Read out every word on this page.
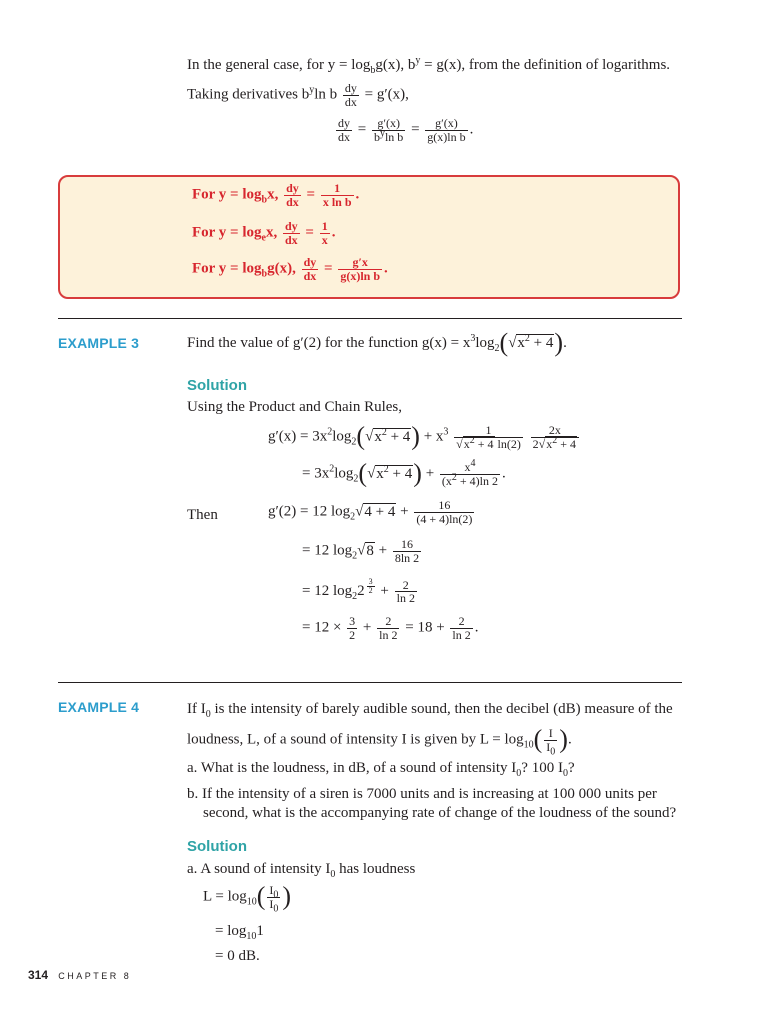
In the general case, for $y = \log_bg(x)$, $b^y = g(x)$, from the definition of logarithms.
Taking derivatives $b^y\ln$ b $\frac{dy}{dx} = g'(x)$,
$\frac{dy}{dx} = \frac{g'(x)}{b^y\ln b} = \frac{g'(x)}{\text{g(x)ln b}}$ .
For $y = \log_bx$, $\frac{dy}{dx} = \frac{1}{\text{x ln b}}$ .
For $y = \log_ex$, $\frac{dy}{dx} = \frac{1}{x}$ .
For $y = \log_bg(x)$, $\frac{dy}{dx} = \frac{g'x}{\text{g(x)ln b}}$ .
EXAMPLE 3	Find the value of g′(2) for the function $g(x) = x^3\log_2(√x^2 + 4)$.
Solution
Using the Product and Chain Rules,
$g'(x) = 3x^2\log_2(√x^2 + 4) + x^3 \frac{1}{√x^2 + 4 \ln(2)}$
$\frac{2x}{2√x^2 + 4}$
= $3x^2\log_2(√x^2 + 4) + \frac{x^4}{(x^2 + 4)\ln 2}$ .
Then	g′(2) = 12 $\log_2√4 + 4 + \frac{16}{(4 + 4)\ln(2)}$
= 12 $\log_2√8 + \frac{16}{8\ln 2}$
= 12 $\log_22$ $^{\frac{3}{2}} + \frac{2}{\ln 2}$
= $12 \times \frac{3}{2} + \frac{2}{\ln 2} = 18 + \frac{2}{\ln 2}$ .
EXAMPLE 4	If $I_0$ is the intensity of barely audible sound, then the decibel (dB) measure of the
loudness, L, of a sound of intensity I is given by $L = \log_{10}( \frac{I}{I_0}$ ).
a. What is the loudness, in dB, of a sound of intensity $I_0$? 100 $I_0$?
b. If the intensity of a siren is 7000 units and is increasing at 100 000 units per
second, what is the accompanying rate of change of the loudness of the sound?
Solution
a. A sound of intensity $I_0$ has loudness
$L = \log_{10}( \frac{I_0}{I_0}$ )
= $\log_{10}1$
= 0 dB.
314 CHAPTER 8
